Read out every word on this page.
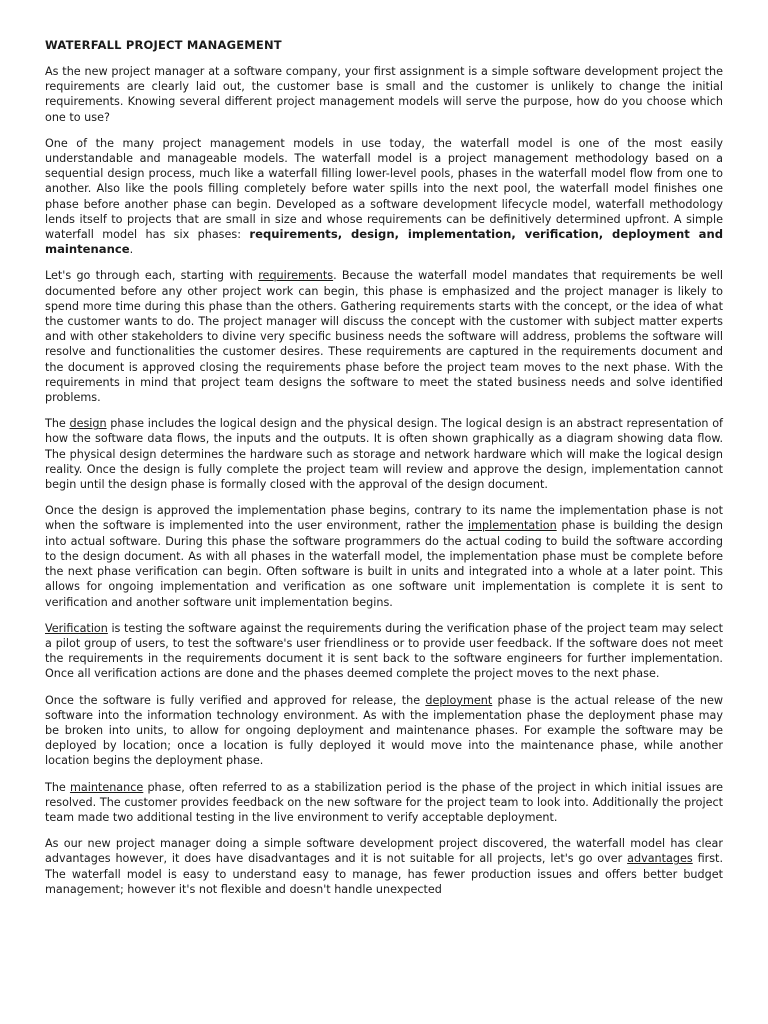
WATERFALL PROJECT MANAGEMENT

As the new project manager at a software company, your first assignment is a simple software development project the requirements are clearly laid out, the customer base is small and the customer is unlikely to change the initial requirements. Knowing several different project management models will serve the purpose, how do you choose which one to use?

One of the many project management models in use today, the waterfall model is one of the most easily understandable and manageable models. The waterfall model is a project management methodology based on a sequential design process, much like a waterfall filling lower-level pools, phases in the waterfall model flow from one to another. Also like the pools filling completely before water spills into the next pool, the waterfall model finishes one phase before another phase can begin. Developed as a software development lifecycle model, waterfall methodology lends itself to projects that are small in size and whose requirements can be definitively determined upfront. A simple waterfall model has six phases: requirements, design, implementation, verification, deployment and maintenance.

Let's go through each, starting with requirements. Because the waterfall model mandates that requirements be well documented before any other project work can begin, this phase is emphasized and the project manager is likely to spend more time during this phase than the others. Gathering requirements starts with the concept, or the idea of what the customer wants to do. The project manager will discuss the concept with the customer with subject matter experts and with other stakeholders to divine very specific business needs the software will address, problems the software will resolve and functionalities the customer desires. These requirements are captured in the requirements document and the document is approved closing the requirements phase before the project team moves to the next phase. With the requirements in mind that project team designs the software to meet the stated business needs and solve identified problems.

The design phase includes the logical design and the physical design. The logical design is an abstract representation of how the software data flows, the inputs and the outputs. It is often shown graphically as a diagram showing data flow. The physical design determines the hardware such as storage and network hardware which will make the logical design reality. Once the design is fully complete the project team will review and approve the design, implementation cannot begin until the design phase is formally closed with the approval of the design document.

Once the design is approved the implementation phase begins, contrary to its name the implementation phase is not when the software is implemented into the user environment, rather the implementation phase is building the design into actual software. During this phase the software programmers do the actual coding to build the software according to the design document. As with all phases in the waterfall model, the implementation phase must be complete before the next phase verification can begin. Often software is built in units and integrated into a whole at a later point. This allows for ongoing implementation and verification as one software unit implementation is complete it is sent to verification and another software unit implementation begins.

Verification is testing the software against the requirements during the verification phase of the project team may select a pilot group of users, to test the software's user friendliness or to provide user feedback. If the software does not meet the requirements in the requirements document it is sent back to the software engineers for further implementation. Once all verification actions are done and the phases deemed complete the project moves to the next phase.

Once the software is fully verified and approved for release, the deployment phase is the actual release of the new software into the information technology environment. As with the implementation phase the deployment phase may be broken into units, to allow for ongoing deployment and maintenance phases. For example the software may be deployed by location; once a location is fully deployed it would move into the maintenance phase, while another location begins the deployment phase.

The maintenance phase, often referred to as a stabilization period is the phase of the project in which initial issues are resolved. The customer provides feedback on the new software for the project team to look into. Additionally the project team made two additional testing in the live environment to verify acceptable deployment.

As our new project manager doing a simple software development project discovered, the waterfall model has clear advantages however, it does have disadvantages and it is not suitable for all projects, let's go over advantages first. The waterfall model is easy to understand easy to manage, has fewer production issues and offers better budget management; however it's not flexible and doesn't handle unexpected
